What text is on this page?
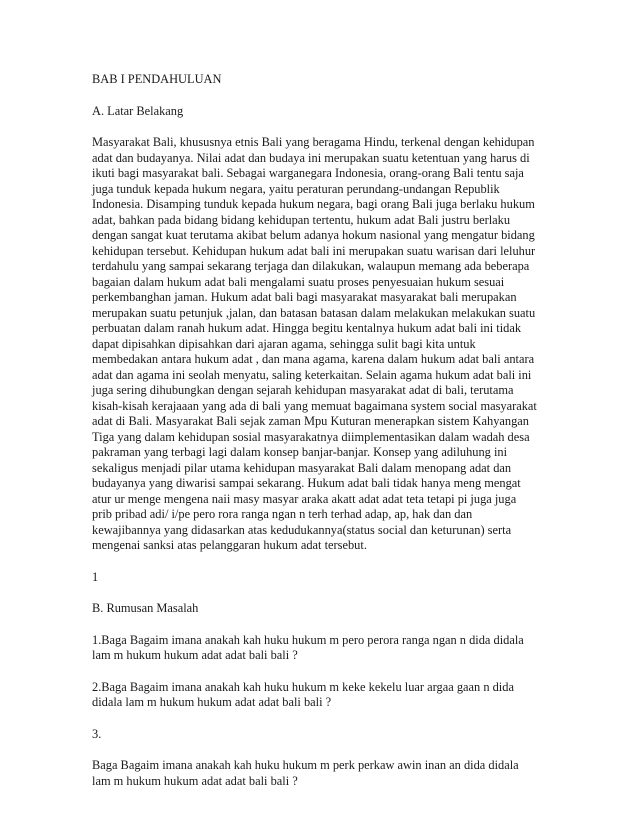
BAB I PENDAHULUAN
A. Latar Belakang
Masyarakat Bali, khususnya etnis Bali yang beragama Hindu, terkenal dengan kehidupan
adat dan budayanya. Nilai adat dan budaya ini merupakan suatu ketentuan yang harus di
ikuti bagi masyarakat bali. Sebagai warganegara Indonesia, orang-orang Bali tentu saja
juga tunduk kepada hukum negara, yaitu peraturan perundang-undangan Republik
Indonesia. Disamping tunduk kepada hukum negara, bagi orang Bali juga berlaku hukum
adat, bahkan pada bidang bidang kehidupan tertentu, hukum adat Bali justru berlaku
dengan sangat kuat terutama akibat belum adanya hokum nasional yang mengatur bidang
kehidupan tersebut. Kehidupan hukum adat bali ini merupakan suatu warisan dari leluhur
terdahulu yang sampai sekarang terjaga dan dilakukan, walaupun memang ada beberapa
bagaian dalam hukum adat bali mengalami suatu proses penyesuaian hukum sesuai
perkembanghan jaman. Hukum adat bali bagi masyarakat masyarakat bali merupakan
merupakan suatu petunjuk ,jalan, dan batasan batasan dalam melakukan melakukan suatu
perbuatan dalam ranah hukum adat. Hingga begitu kentalnya hukum adat bali ini tidak
dapat dipisahkan dipisahkan dari ajaran agama, sehingga sulit bagi kita untuk
membedakan antara hukum adat , dan mana agama, karena dalam hukum adat bali antara
adat dan agama ini seolah menyatu, saling keterkaitan. Selain agama hukum adat bali ini
juga sering dihubungkan dengan sejarah kehidupan masyarakat adat di bali, terutama
kisah-kisah kerajaaan yang ada di bali yang memuat bagaimana system social masyarakat
adat di Bali. Masyarakat Bali sejak zaman Mpu Kuturan menerapkan sistem Kahyangan
Tiga yang dalam kehidupan sosial masyarakatnya diimplementasikan dalam wadah desa
pakraman yang terbagi lagi dalam konsep banjar-banjar. Konsep yang adiluhung ini
sekaligus menjadi pilar utama kehidupan masyarakat Bali dalam menopang adat dan
budayanya yang diwarisi sampai sekarang. Hukum adat bali tidak hanya meng mengat
atur ur menge mengena naii masy masyar araka akatt adat adat teta tetapi pi juga juga
prib pribad adi/ i/pe pero rora ranga ngan n terh terhad adap, ap, hak dan dan
kewajibannya yang didasarkan atas kedudukannya(status social dan keturunan) serta
mengenai sanksi atas pelanggaran hukum adat tersebut.
1
B. Rumusan Masalah
1.Baga Bagaim imana anakah kah huku hukum m pero perora ranga ngan n dida didala
lam m hukum hukum adat adat bali bali ?
2.Baga Bagaim imana anakah kah huku hukum m keke kekelu luar argaa gaan n dida
didala lam m hukum hukum adat adat bali bali ?
3.
Baga Bagaim imana anakah kah huku hukum m perk perkaw awin inan an dida didala
lam m hukum hukum adat adat bali bali ?
